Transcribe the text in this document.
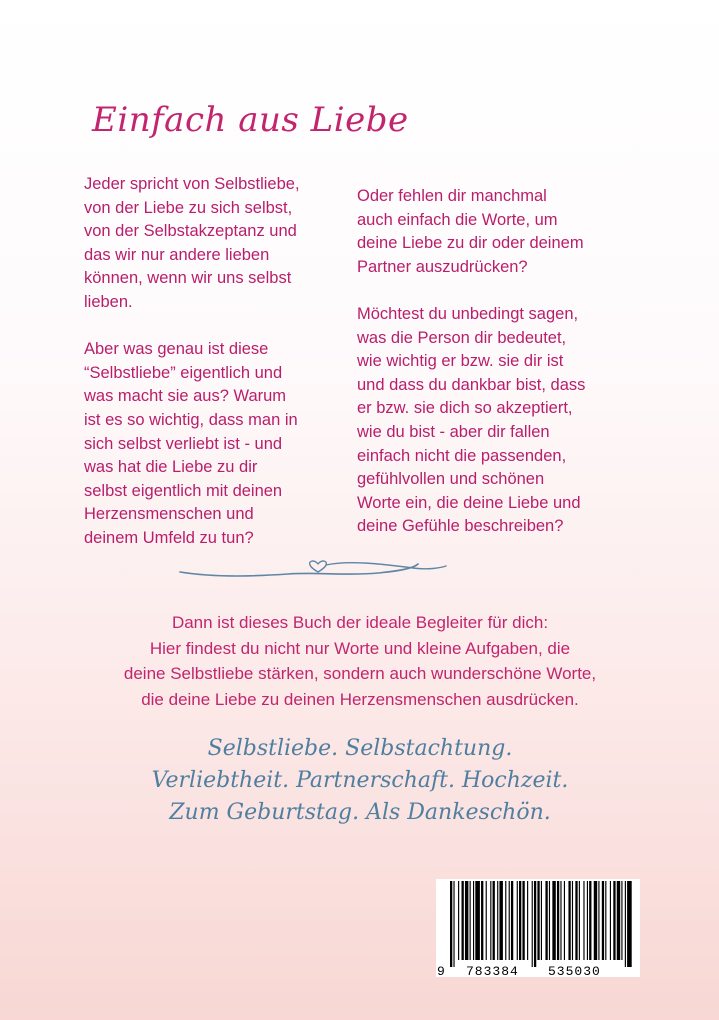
Einfach aus Liebe

Jeder spricht von Selbstliebe,
von der Liebe zu sich selbst,
von der Selbstakzeptanz und
das wir nur andere lieben
können, wenn wir uns selbst
lieben.

Aber was genau ist diese
“Selbstliebe” eigentlich und
was macht sie aus? Warum
ist es so wichtig, dass man in
sich selbst verliebt ist - und
was hat die Liebe zu dir
selbst eigentlich mit deinen
Herzensmenschen und
deinem Umfeld zu tun?

Oder fehlen dir manchmal
auch einfach die Worte, um
deine Liebe zu dir oder deinem
Partner auszudrücken?

Möchtest du unbedingt sagen,
was die Person dir bedeutet,
wie wichtig er bzw. sie dir ist
und dass du dankbar bist, dass
er bzw. sie dich so akzeptiert,
wie du bist - aber dir fallen
einfach nicht die passenden,
gefühlvollen und schönen
Worte ein, die deine Liebe und
deine Gefühle beschreiben?

Dann ist dieses Buch der ideale Begleiter für dich:

Hier findest du nicht nur Worte und kleine Aufgaben, die

deine Selbstliebe stärken, sondern auch wunderschöne Worte,

die deine Liebe zu deinen Herzensmenschen ausdrücken.

Selbstliebe. Selbstachtung.

Verliebtheit. Partnerschaft. Hochzeit.

Zum Geburtstag. Als Dankeschön.

9 783384 535030
